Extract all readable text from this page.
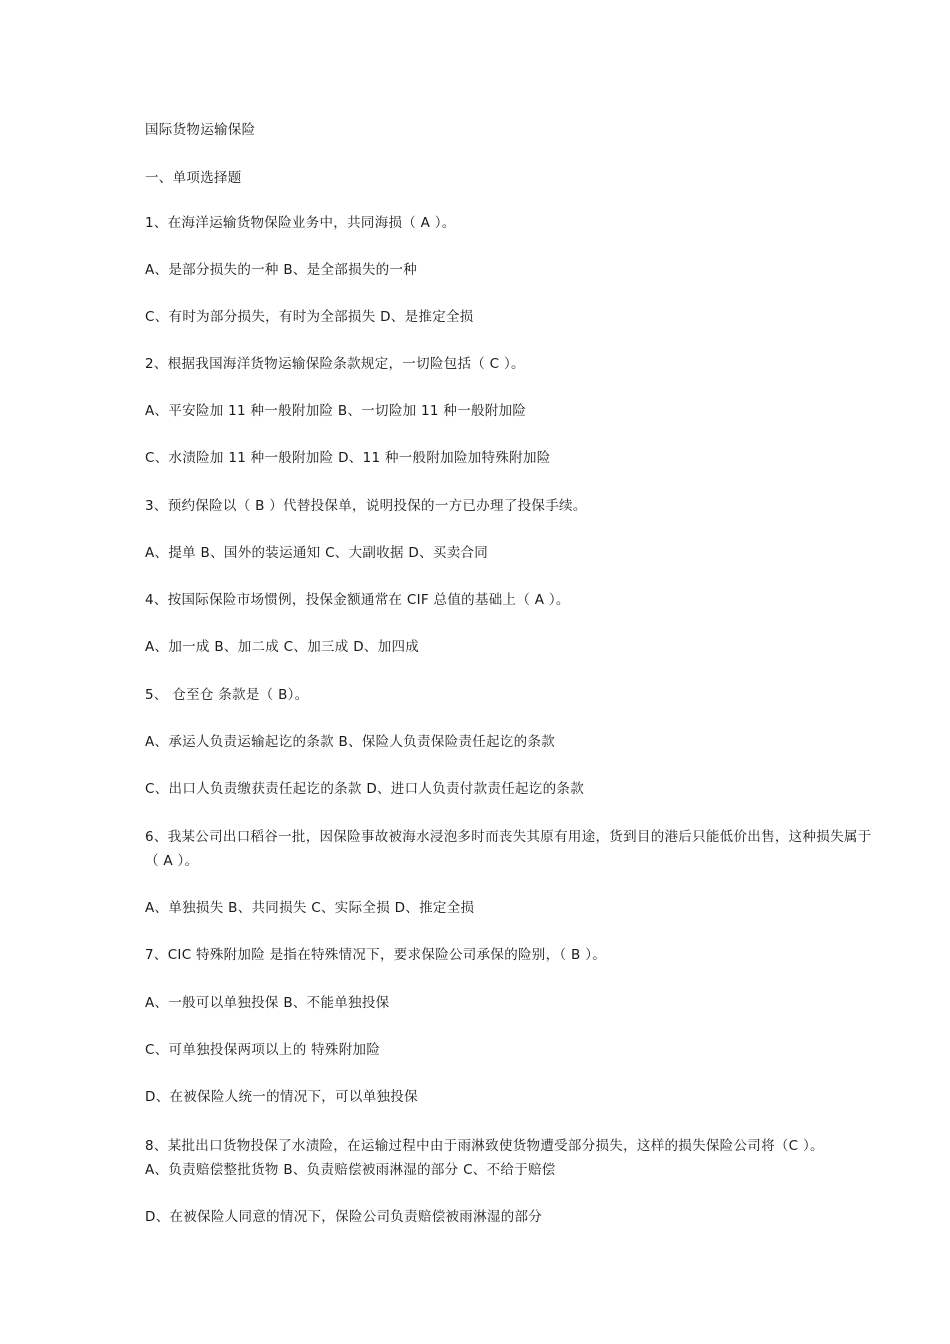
国际货物运输保险
一、单项选择题
1、在海洋运输货物保险业务中，共同海损（ A ）。
A、是部分损失的一种 B、是全部损失的一种
C、有时为部分损失，有时为全部损失 D、是推定全损
2、根据我国海洋货物运输保险条款规定，一切险包括（ C ）。
A、平安险加 11 种一般附加险 B、一切险加 11 种一般附加险
C、水渍险加 11 种一般附加险 D、11 种一般附加险加特殊附加险
3、预约保险以（ B ）代替投保单，说明投保的一方已办理了投保手续。
A、提单 B、国外的装运通知 C、大副收据 D、买卖合同
4、按国际保险市场惯例，投保金额通常在 CIF 总值的基础上（ A ）。
A、加一成 B、加二成 C、加三成 D、加四成
5、 仓至仓 条款是（ B）。
A、承运人负责运输起讫的条款 B、保险人负责保险责任起讫的条款
C、出口人负责缴获责任起讫的条款 D、进口人负责付款责任起讫的条款
6、我某公司出口稻谷一批，因保险事故被海水浸泡多时而丧失其原有用途，货到目的港后只能低价出售，这种损失属于（ A ）。
A、单独损失 B、共同损失 C、实际全损 D、推定全损
7、CIC 特殊附加险 是指在特殊情况下，要求保险公司承保的险别，（ B ）。
A、一般可以单独投保 B、不能单独投保
C、可单独投保两项以上的 特殊附加险
D、在被保险人统一的情况下，可以单独投保
8、某批出口货物投保了水渍险，在运输过程中由于雨淋致使货物遭受部分损失，这样的损失保险公司将（C ）。 A、负责赔偿整批货物 B、负责赔偿被雨淋湿的部分 C、不给于赔偿
D、在被保险人同意的情况下，保险公司负责赔偿被雨淋湿的部分
